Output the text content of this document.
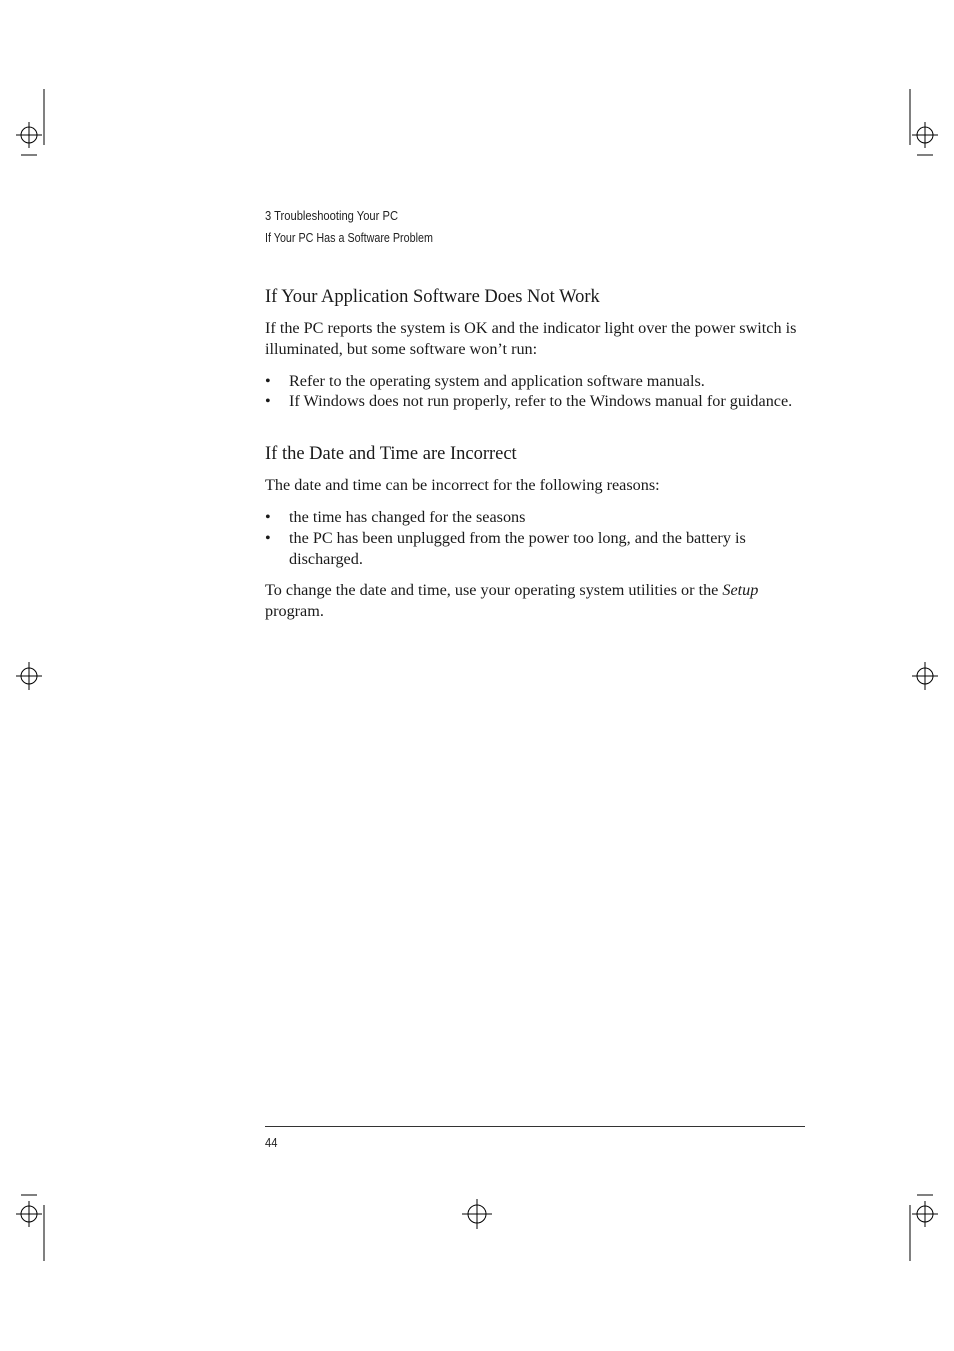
3 Troubleshooting Your PC
If Your PC Has a Software Problem
If Your Application Software Does Not Work

If the PC reports the system is OK and the indicator light over the power switch is illuminated, but some software won’t run:

• Refer to the operating system and application software manuals.
• If Windows does not run properly, refer to the Windows manual for guidance.
If the Date and Time are Incorrect

The date and time can be incorrect for the following reasons:

• the time has changed for the seasons
• the PC has been unplugged from the power too long, and the battery is discharged.

To change the date and time, use your operating system utilities or the Setup program.

44
